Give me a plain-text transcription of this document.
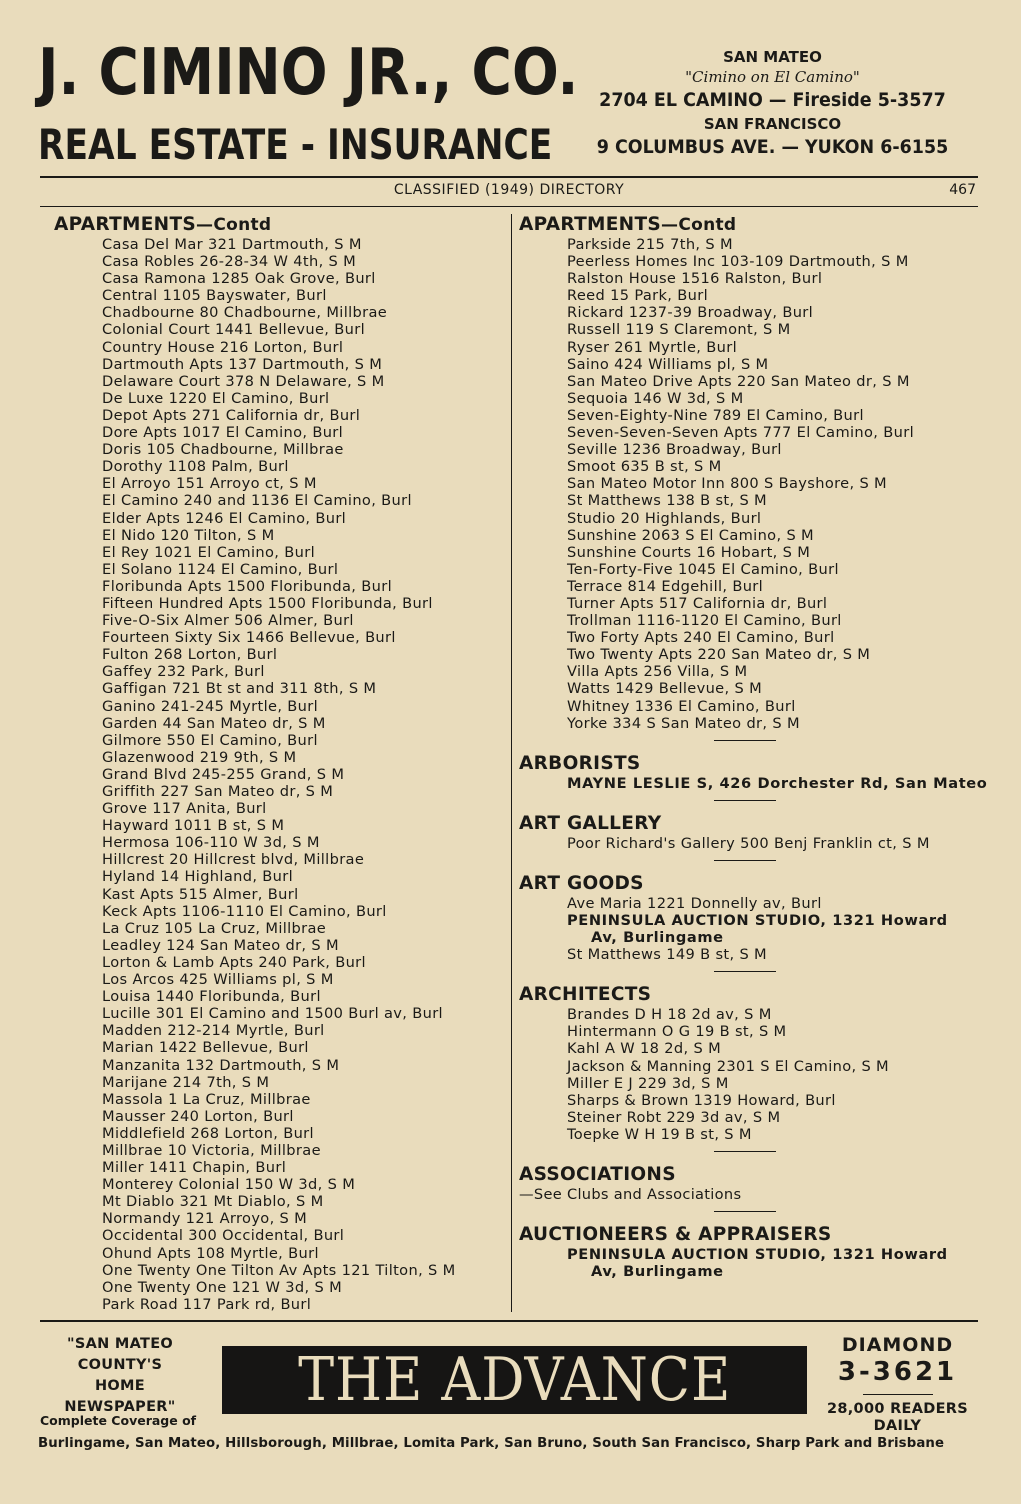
J. CIMINO JR., CO.
REAL ESTATE - INSURANCE
SAN MATEO
"Cimino on El Camino"
2704 EL CAMINO — Fireside 5-3577
SAN FRANCISCO
9 COLUMBUS AVE. — YUKON 6-6155
CLASSIFIED (1949) DIRECTORY	467
APARTMENTS—Contd
Casa Del Mar 321 Dartmouth, S M
Casa Robles 26-28-34 W 4th, S M
Casa Ramona 1285 Oak Grove, Burl
Central 1105 Bayswater, Burl
Chadbourne 80 Chadbourne, Millbrae
Colonial Court 1441 Bellevue, Burl
Country House 216 Lorton, Burl
Dartmouth Apts 137 Dartmouth, S M
Delaware Court 378 N Delaware, S M
De Luxe 1220 El Camino, Burl
Depot Apts 271 California dr, Burl
Dore Apts 1017 El Camino, Burl
Doris 105 Chadbourne, Millbrae
Dorothy 1108 Palm, Burl
El Arroyo 151 Arroyo ct, S M
El Camino 240 and 1136 El Camino, Burl
Elder Apts 1246 El Camino, Burl
El Nido 120 Tilton, S M
El Rey 1021 El Camino, Burl
El Solano 1124 El Camino, Burl
Floribunda Apts 1500 Floribunda, Burl
Fifteen Hundred Apts 1500 Floribunda, Burl
Five-O-Six Almer 506 Almer, Burl
Fourteen Sixty Six 1466 Bellevue, Burl
Fulton 268 Lorton, Burl
Gaffey 232 Park, Burl
Gaffigan 721 Bt st and 311 8th, S M
Ganino 241-245 Myrtle, Burl
Garden 44 San Mateo dr, S M
Gilmore 550 El Camino, Burl
Glazenwood 219 9th, S M
Grand Blvd 245-255 Grand, S M
Griffith 227 San Mateo dr, S M
Grove 117 Anita, Burl
Hayward 1011 B st, S M
Hermosa 106-110 W 3d, S M
Hillcrest 20 Hillcrest blvd, Millbrae
Hyland 14 Highland, Burl
Kast Apts 515 Almer, Burl
Keck Apts 1106-1110 El Camino, Burl
La Cruz 105 La Cruz, Millbrae
Leadley 124 San Mateo dr, S M
Lorton & Lamb Apts 240 Park, Burl
Los Arcos 425 Williams pl, S M
Louisa 1440 Floribunda, Burl
Lucille 301 El Camino and 1500 Burl av, Burl
Madden 212-214 Myrtle, Burl
Marian 1422 Bellevue, Burl
Manzanita 132 Dartmouth, S M
Marijane 214 7th, S M
Massola 1 La Cruz, Millbrae
Mausser 240 Lorton, Burl
Middlefield 268 Lorton, Burl
Millbrae 10 Victoria, Millbrae
Miller 1411 Chapin, Burl
Monterey Colonial 150 W 3d, S M
Mt Diablo 321 Mt Diablo, S M
Normandy 121 Arroyo, S M
Occidental 300 Occidental, Burl
Ohund Apts 108 Myrtle, Burl
One Twenty One Tilton Av Apts 121 Tilton, S M
One Twenty One 121 W 3d, S M
Park Road 117 Park rd, Burl
APARTMENTS—Contd
Parkside 215 7th, S M
Peerless Homes Inc 103-109 Dartmouth, S M
Ralston House 1516 Ralston, Burl
Reed 15 Park, Burl
Rickard 1237-39 Broadway, Burl
Russell 119 S Claremont, S M
Ryser 261 Myrtle, Burl
Saino 424 Williams pl, S M
San Mateo Drive Apts 220 San Mateo dr, S M
Sequoia 146 W 3d, S M
Seven-Eighty-Nine 789 El Camino, Burl
Seven-Seven-Seven Apts 777 El Camino, Burl
Seville 1236 Broadway, Burl
Smoot 635 B st, S M
San Mateo Motor Inn 800 S Bayshore, S M
St Matthews 138 B st, S M
Studio 20 Highlands, Burl
Sunshine 2063 S El Camino, S M
Sunshine Courts 16 Hobart, S M
Ten-Forty-Five 1045 El Camino, Burl
Terrace 814 Edgehill, Burl
Turner Apts 517 California dr, Burl
Trollman 1116-1120 El Camino, Burl
Two Forty Apts 240 El Camino, Burl
Two Twenty Apts 220 San Mateo dr, S M
Villa Apts 256 Villa, S M
Watts 1429 Bellevue, S M
Whitney 1336 El Camino, Burl
Yorke 334 S San Mateo dr, S M
ARBORISTS
MAYNE LESLIE S, 426 Dorchester Rd, San Mateo
ART GALLERY
Poor Richard's Gallery 500 Benj Franklin ct, S M
ART GOODS
Ave Maria 1221 Donnelly av, Burl
PENINSULA AUCTION STUDIO, 1321 Howard
Av, Burlingame
St Matthews 149 B st, S M
ARCHITECTS
Brandes D H 18 2d av, S M
Hintermann O G 19 B st, S M
Kahl A W 18 2d, S M
Jackson & Manning 2301 S El Camino, S M
Miller E J 229 3d, S M
Sharps & Brown 1319 Howard, Burl
Steiner Robt 229 3d av, S M
Toepke W H 19 B st, S M
ASSOCIATIONS
—See Clubs and Associations
AUCTIONEERS & APPRAISERS
PENINSULA AUCTION STUDIO, 1321 Howard
Av, Burlingame
"SAN MATEO
COUNTY'S
HOME
NEWSPAPER"
Complete Coverage of
THE ADVANCE	DIAMOND
3-3621
28,000 READERS
DAILY
Burlingame, San Mateo, Hillsborough, Millbrae, Lomita Park, San Bruno, South San Francisco, Sharp Park and Brisbane
